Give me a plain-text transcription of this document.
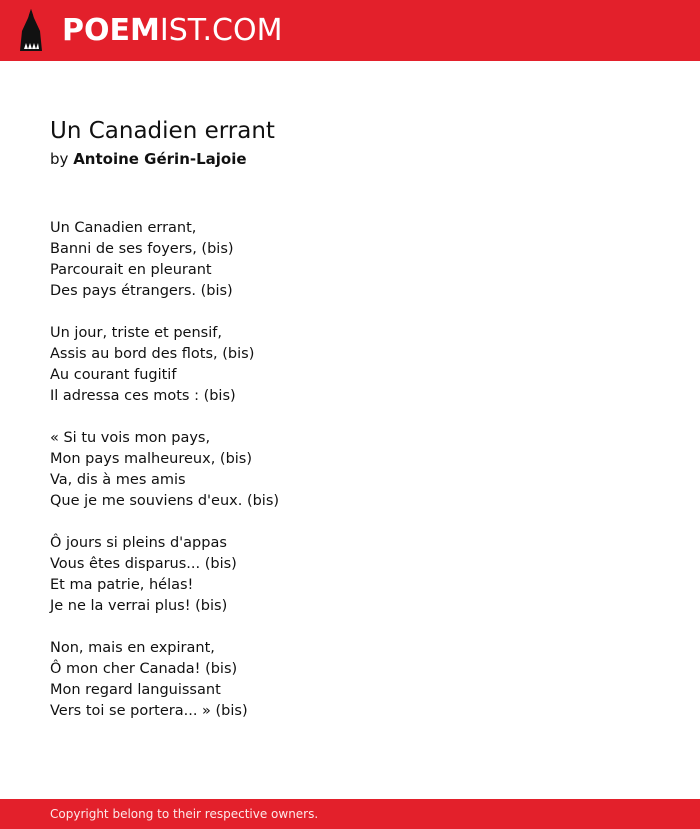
POEMIST.COM
Un Canadien errant
by Antoine Gérin-Lajoie
Un Canadien errant,
Banni de ses foyers, (bis)
Parcourait en pleurant
Des pays étrangers. (bis)
Un jour, triste et pensif,
Assis au bord des flots, (bis)
Au courant fugitif
Il adressa ces mots : (bis)
« Si tu vois mon pays,
Mon pays malheureux, (bis)
Va, dis à mes amis
Que je me souviens d'eux. (bis)
Ô jours si pleins d'appas
Vous êtes disparus... (bis)
Et ma patrie, hélas!
Je ne la verrai plus! (bis)
Non, mais en expirant,
Ô mon cher Canada! (bis)
Mon regard languissant
Vers toi se portera... » (bis)
Copyright belong to their respective owners.
